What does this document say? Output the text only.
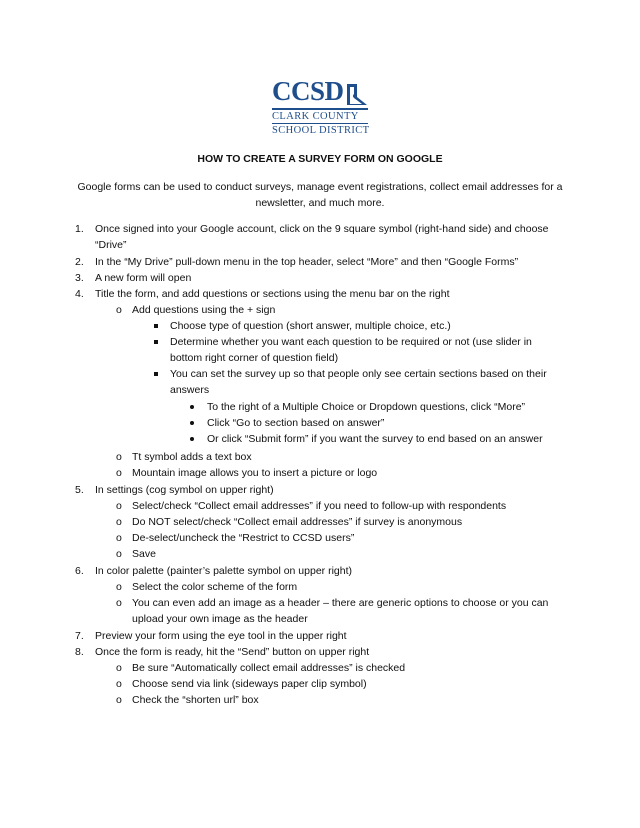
CCSD
CLARK COUNTY
SCHOOL DISTRICT
HOW TO CREATE A SURVEY FORM ON GOOGLE
Google forms can be used to conduct surveys, manage event registrations, collect email addresses for a newsletter, and much more.
1. Once signed into your Google account, click on the 9 square symbol (right-hand side) and choose
“Drive”
2. In the “My Drive” pull-down menu in the top header, select “More” and then “Google Forms”
3. A new form will open
4. Title the form, and add questions or sections using the menu bar on the right
o Add questions using the + sign
Choose type of question (short answer, multiple choice, etc.)
Determine whether you want each question to be required or not (use slider in
bottom right corner of question field)
You can set the survey up so that people only see certain sections based on their
answers
To the right of a Multiple Choice or Dropdown questions, click “More”
Click “Go to section based on answer”
Or click “Submit form” if you want the survey to end based on an answer
o Tt symbol adds a text box
o Mountain image allows you to insert a picture or logo
5. In settings (cog symbol on upper right)
o Select/check “Collect email addresses” if you need to follow-up with respondents
o Do NOT select/check “Collect email addresses” if survey is anonymous
o De-select/uncheck the “Restrict to CCSD users”
o Save
6. In color palette (painter’s palette symbol on upper right)
o Select the color scheme of the form
o You can even add an image as a header – there are generic options to choose or you can
upload your own image as the header
7. Preview your form using the eye tool in the upper right
8. Once the form is ready, hit the “Send” button on upper right
o Be sure “Automatically collect email addresses” is checked
o Choose send via link (sideways paper clip symbol)
o Check the “shorten url” box
